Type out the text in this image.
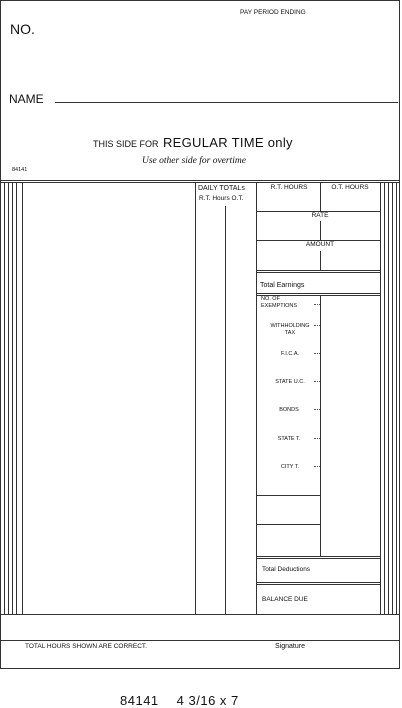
PAY PERIOD ENDING
NO.
NAME
THIS SIDE FOR REGULAR TIME only
Use other side for overtime
84141
DAILY TOTALs
R.T. Hours O.T.
R.T. HOURS	O.T. HOURS
RATE
AMOUNT
Total Earnings
NO. OF
EXEMPTIONS
WITHHOLDING
TAX
F.I.C.A.
STATE U.C.
BONDS
STATE T.
CITY T.
Total Deductions
BALANCE DUE
TOTAL HOURS SHOWN ARE CORRECT.	Signature
84141 4 3/16 x 7
